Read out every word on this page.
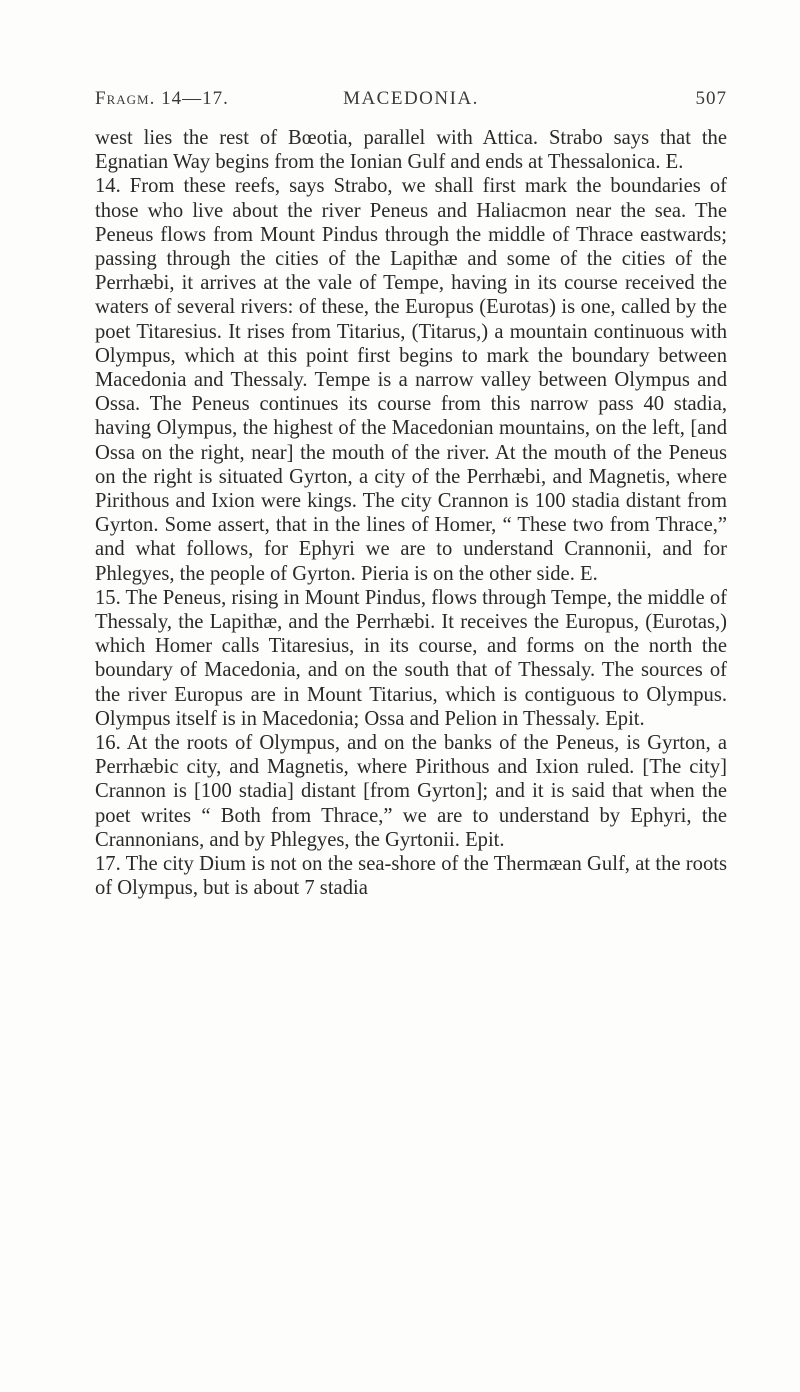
Fragm. 14—17.	MACEDONIA.	507

west lies the rest of Bœotia, parallel with Attica. Strabo says that the Egnatian Way begins from the Ionian Gulf and ends at Thessalonica. E.

14. From these reefs, says Strabo, we shall first mark the boundaries of those who live about the river Peneus and Haliacmon near the sea. The Peneus flows from Mount Pindus through the middle of Thrace eastwards; passing through the cities of the Lapithæ and some of the cities of the Perrhæbi, it arrives at the vale of Tempe, having in its course received the waters of several rivers: of these, the Europus (Eurotas) is one, called by the poet Titaresius. It rises from Titarius, (Titarus,) a mountain continuous with Olympus, which at this point first begins to mark the boundary between Macedonia and Thessaly. Tempe is a narrow valley between Olympus and Ossa. The Peneus continues its course from this narrow pass 40 stadia, having Olympus, the highest of the Macedonian mountains, on the left, [and Ossa on the right, near] the mouth of the river. At the mouth of the Peneus on the right is situated Gyrton, a city of the Perrhæbi, and Magnetis, where Pirithous and Ixion were kings. The city Crannon is 100 stadia distant from Gyrton. Some assert, that in the lines of Homer, “ These two from Thrace,” and what follows, for Ephyri we are to understand Crannonii, and for Phlegyes, the people of Gyrton. Pieria is on the other side. E.

15. The Peneus, rising in Mount Pindus, flows through Tempe, the middle of Thessaly, the Lapithæ, and the Perrhæbi. It receives the Europus, (Eurotas,) which Homer calls Titaresius, in its course, and forms on the north the boundary of Macedonia, and on the south that of Thessaly. The sources of the river Europus are in Mount Titarius, which is contiguous to Olympus. Olympus itself is in Macedonia; Ossa and Pelion in Thessaly. Epit.

16. At the roots of Olympus, and on the banks of the Peneus, is Gyrton, a Perrhæbic city, and Magnetis, where Pirithous and Ixion ruled. [The city] Crannon is [100 stadia] distant [from Gyrton]; and it is said that when the poet writes “ Both from Thrace,” we are to understand by Ephyri, the Crannonians, and by Phlegyes, the Gyrtonii. Epit.

17. The city Dium is not on the sea-shore of the Thermæan Gulf, at the roots of Olympus, but is about 7 stadia
